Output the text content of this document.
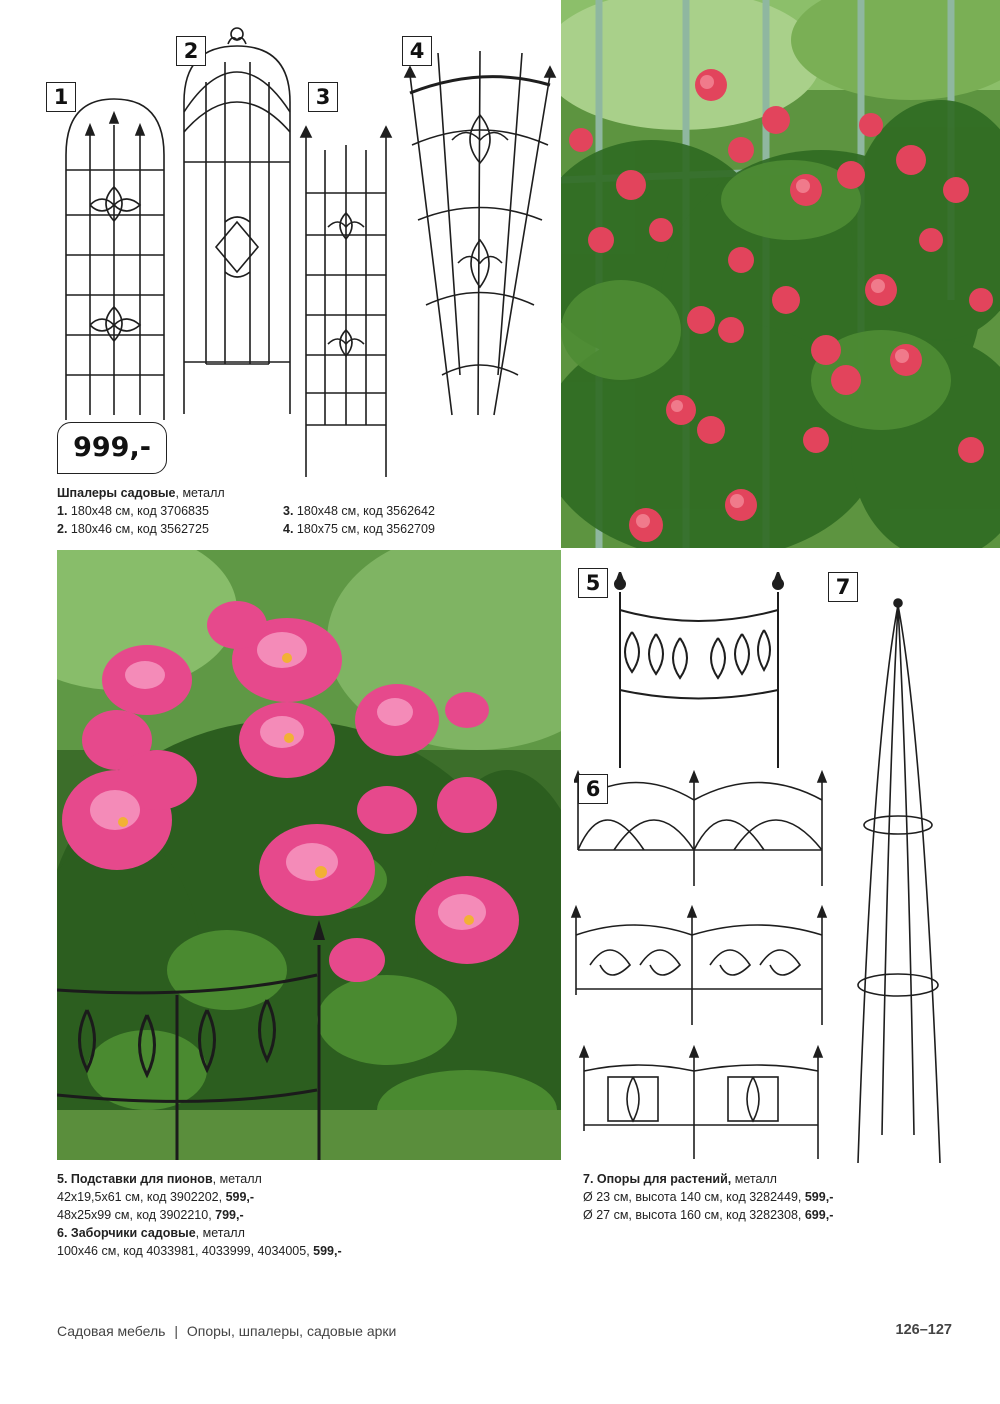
1
999,-
2
3
4
Шпалеры садовые, металл
1. 180х48 см, код 3706835
2. 180х46 см, код 3562725
3. 180х48 см, код 3562642
4. 180х75 см, код 3562709
5
6
7
5. Подставки для пионов, металл
42х19,5х61 см, код 3902202, 599,-
48х25х99 см, код 3902210, 799,-
6. Заборчики садовые, металл
100х46 см, код 4033981, 4033999, 4034005, 599,-
7. Опоры для растений, металл
Ø 23 см, высота 140 см, код 3282449, 599,-
Ø 27 см, высота 160 см, код 3282308, 699,-
Садовая мебель | Опоры, шпалеры, садовые арки	126–127
